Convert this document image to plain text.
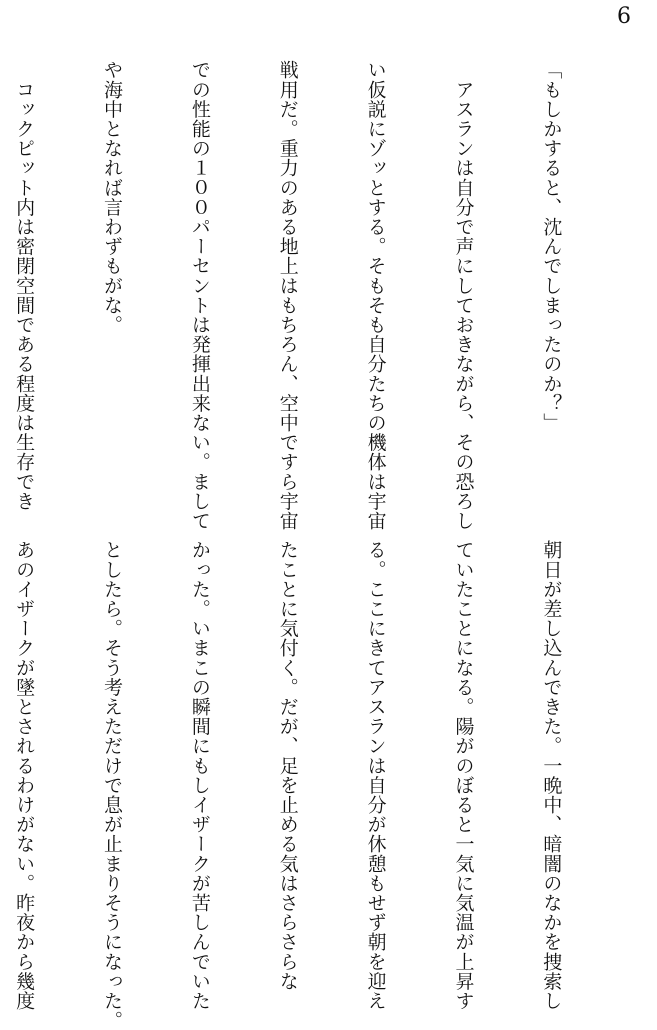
6

「もしかすると、沈んでしまったのか？」

　アスランは自分で声にしておきながら、その恐ろし

い仮説にゾッとする。そもそも自分たちの機体は宇宙

戦用だ。重力のある地上はもちろん、空中ですら宇宙

での性能の１００パーセントは発揮出来ない。まして

や海中となれば言わずもがな。

　コックピット内は密閉空間である程度は生存でき

朝日が差し込んできた。一晩中、暗闇のなかを捜索し

ていたことになる。陽がのぼると一気に気温が上昇す

る。ここにきてアスランは自分が休憩もせず朝を迎え

たことに気付く。だが、足を止める気はさらさらな

かった。いまこの瞬間にもしイザークが苦しんでいた

としたら。そう考えただけで息が止まりそうになった。

あのイザークが墜とされるわけがない。昨夜から幾度
